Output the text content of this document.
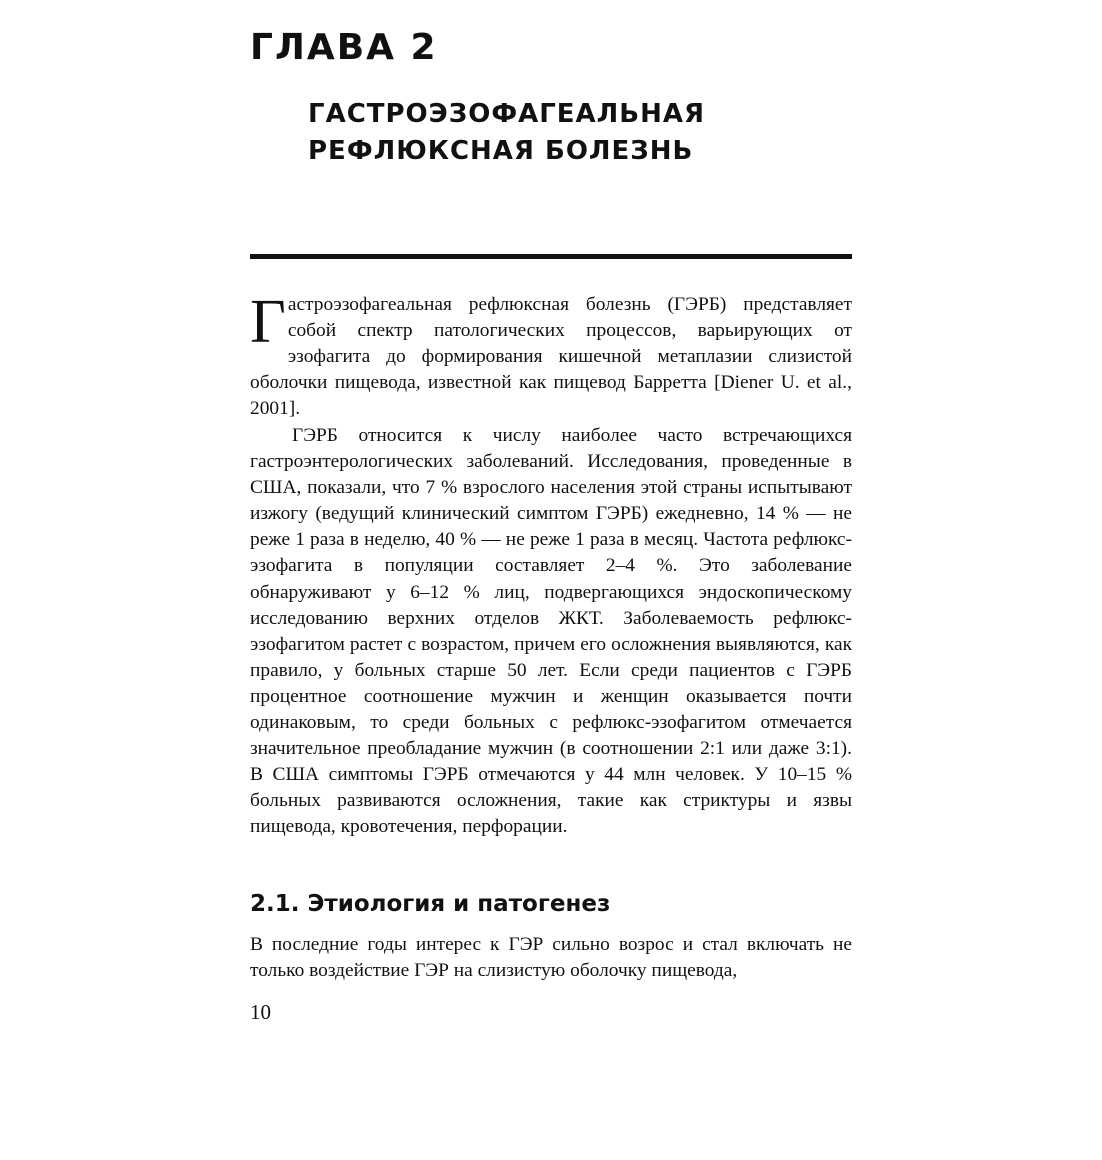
ГЛАВА 2
ГАСТРОЭЗОФАГЕАЛЬНАЯ
РЕФЛЮКСНАЯ БОЛЕЗНЬ

Гастроэзофагеальная рефлюксная болезнь (ГЭРБ) представляет собой спектр патологических процессов, варьирующих от эзофагита до формирования кишечной метаплазии слизистой оболочки пищевода, известной как пищевод Барретта [Diener U. et al., 2001].

ГЭРБ относится к числу наиболее часто встречающихся гастроэнтерологических заболеваний. Исследования, проведенные в США, показали, что 7 % взрослого населения этой страны испытывают изжогу (ведущий клинический симптом ГЭРБ) ежедневно, 14 % — не реже 1 раза в неделю, 40 % — не реже 1 раза в месяц. Частота рефлюкс-эзофагита в популяции составляет 2–4 %. Это заболевание обнаруживают у 6–12 % лиц, подвергающихся эндоскопическому исследованию верхних отделов ЖКТ. Заболеваемость рефлюкс-эзофагитом растет с возрастом, причем его осложнения выявляются, как правило, у больных старше 50 лет. Если среди пациентов с ГЭРБ процентное соотношение мужчин и женщин оказывается почти одинаковым, то среди больных с рефлюкс-эзофагитом отмечается значительное преобладание мужчин (в соотношении 2:1 или даже 3:1). В США симптомы ГЭРБ отмечаются у 44 млн человек. У 10–15 % больных развиваются осложнения, такие как стриктуры и язвы пищевода, кровотечения, перфорации.

2.1. Этиология и патогенез

В последние годы интерес к ГЭР сильно возрос и стал включать не только воздействие ГЭР на слизистую оболочку пищевода,

10
